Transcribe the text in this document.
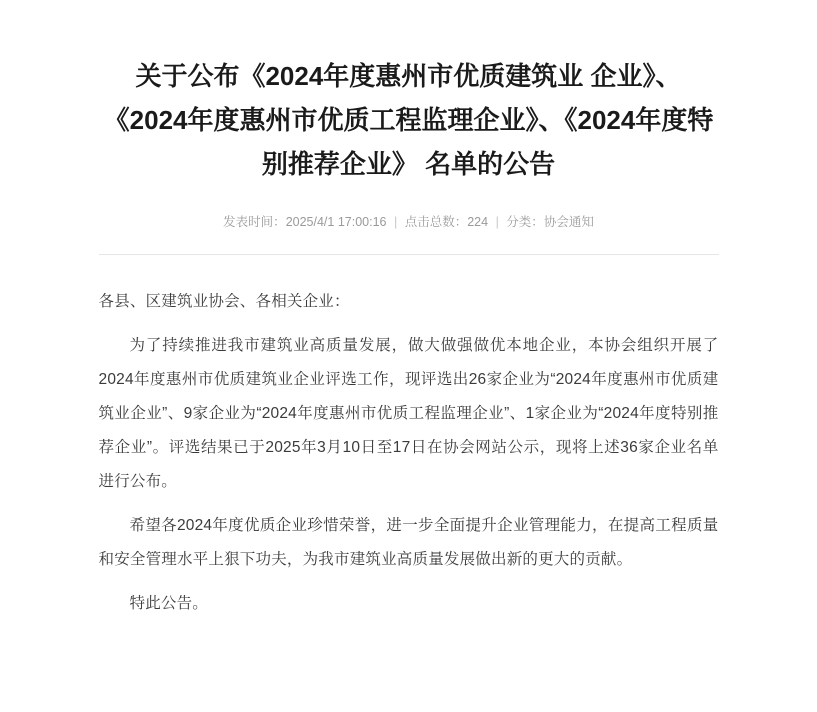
关于公布《2024年度惠州市优质建筑业 企业》、《2024年度惠州市优质工程监理企业》、《2024年度特别推荐企业》 名单的公告
发表时间：2025/4/1 17:00:16 | 点击总数：224 | 分类：协会通知

各县、区建筑业协会、各相关企业：

为了持续推进我市建筑业高质量发展，做大做强做优本地企业，本协会组织开展了2024年度惠州市优质建筑业企业评选工作，现评选出26家企业为“2024年度惠州市优质建筑业企业”、9家企业为“2024年度惠州市优质工程监理企业”、1家企业为“2024年度特别推荐企业”。评选结果已于2025年3月10日至17日在协会网站公示，现将上述36家企业名单进行公布。

希望各2024年度优质企业珍惜荣誉，进一步全面提升企业管理能力，在提高工程质量和安全管理水平上狠下功夫，为我市建筑业高质量发展做出新的更大的贡献。

特此公告。
